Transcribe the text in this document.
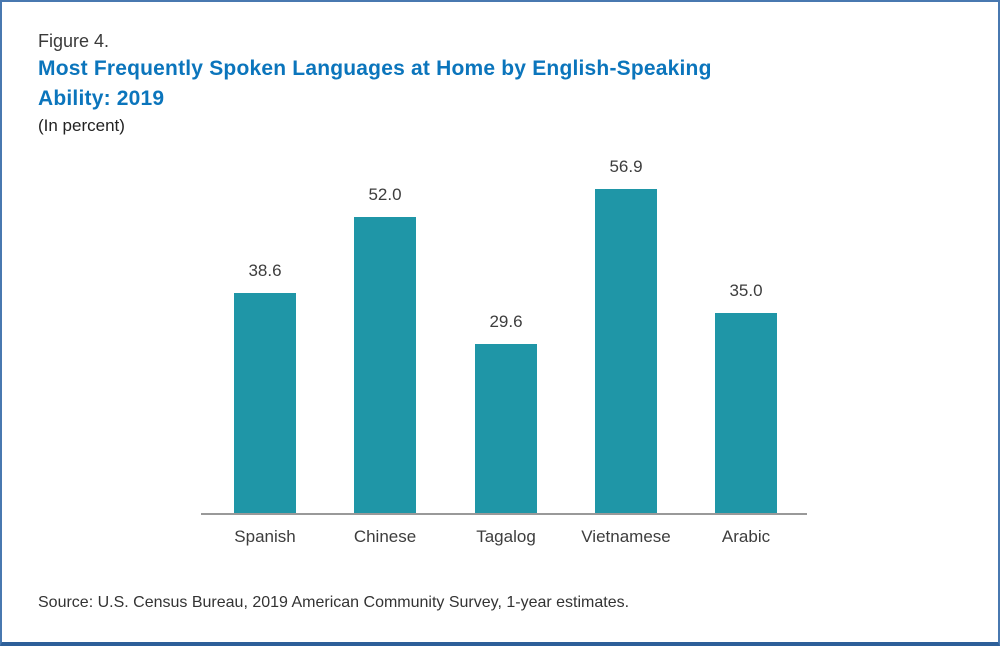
Figure 4.
Most Frequently Spoken Languages at Home by English-Speaking
Ability: 2019
(In percent)
38.6
Spanish
52.0
Chinese
29.6
Tagalog
56.9
Vietnamese
35.0
Arabic
Source: U.S. Census Bureau, 2019 American Community Survey, 1-year estimates.
